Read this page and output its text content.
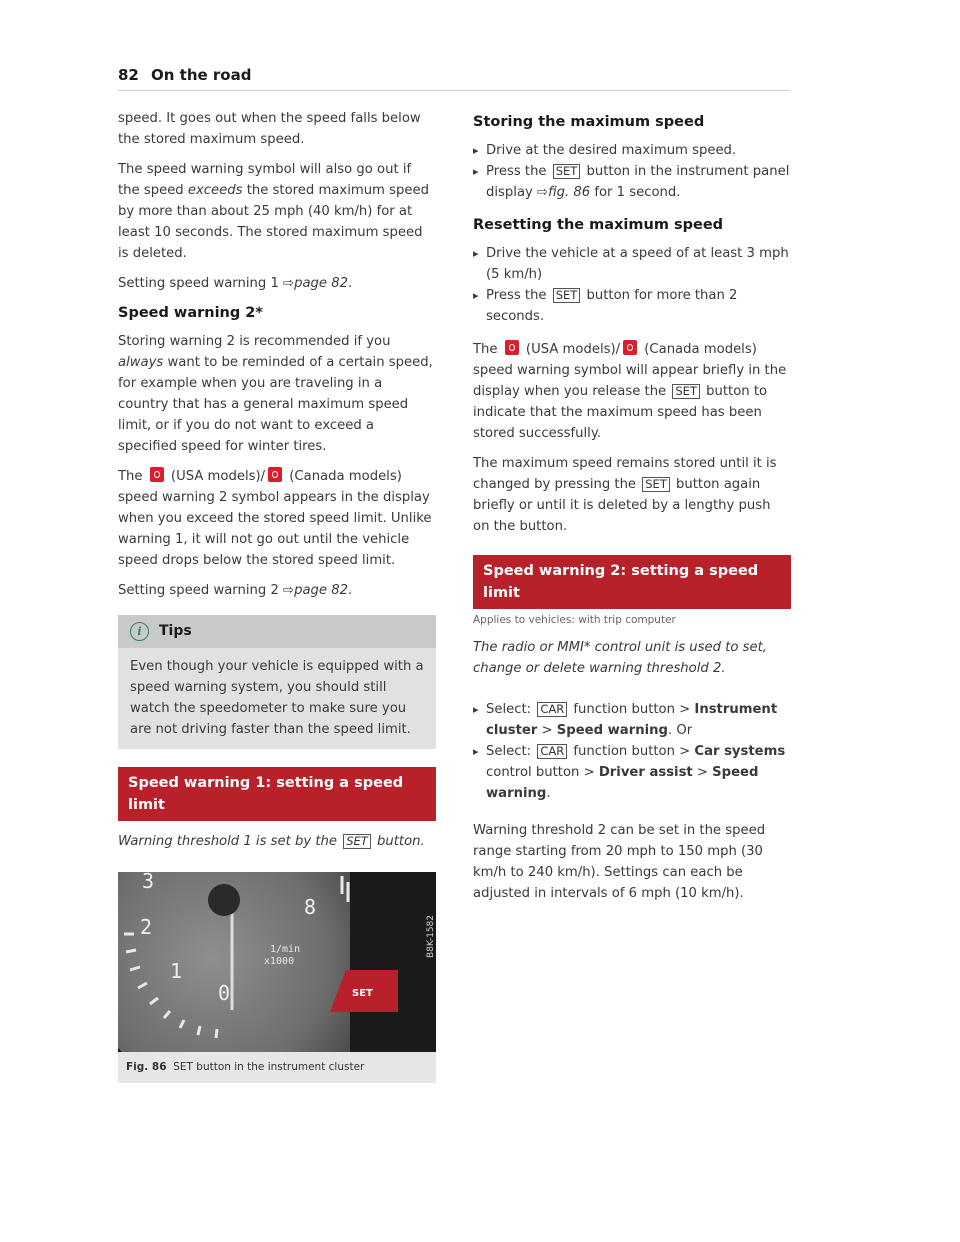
82 On the road

speed. It goes out when the speed falls below the stored maximum speed.

The speed warning symbol will also go out if the speed exceeds the stored maximum speed by more than about 25 mph (40 km/h) for at least 10 seconds. The stored maximum speed is deleted.

Setting speed warning 1 ⇨page 82.

Speed warning 2*

Storing warning 2 is recommended if you always want to be reminded of a certain speed, for example when you are traveling in a country that has a general maximum speed limit, or if you do not want to exceed a specified speed for winter tires.

The  (USA models)/ (Canada models) speed warning 2 symbol appears in the display when you exceed the stored speed limit. Unlike warning 1, it will not go out until the vehicle speed drops below the stored speed limit.

Setting speed warning 2 ⇨page 82.

i	Tips
Even though your vehicle is equipped with a speed warning system, you should still watch the speedometer to make sure you are not driving faster than the speed limit.
Speed warning 1: setting a speed limit

Warning threshold 1 is set by the SET button.

3
2
1
0
8
1/min
x1000
SET
B8K-1582
Fig. 86 SET button in the instrument cluster
Storing the maximum speed

▸ Drive at the desired maximum speed.

▸ Press the SET button in the instrument panel display ⇨fig. 86 for 1 second.

Resetting the maximum speed

▸ Drive the vehicle at a speed of at least 3 mph (5 km/h)

▸ Press the SET button for more than 2 seconds.

The  (USA models)/ (Canada models) speed warning symbol will appear briefly in the display when you release the SET button to indicate that the maximum speed has been stored successfully.

The maximum speed remains stored until it is changed by pressing the SET button again briefly or until it is deleted by a lengthy push on the button.

Speed warning 2: setting a speed limit
Applies to vehicles: with trip computer

The radio or MMI* control unit is used to set, change or delete warning threshold 2.

▸ Select: CAR function button > Instrument cluster > Speed warning. Or

▸ Select: CAR function button > Car systems control button > Driver assist > Speed warning.

Warning threshold 2 can be set in the speed range starting from 20 mph to 150 mph (30 km/h to 240 km/h). Settings can each be adjusted in intervals of 6 mph (10 km/h).
